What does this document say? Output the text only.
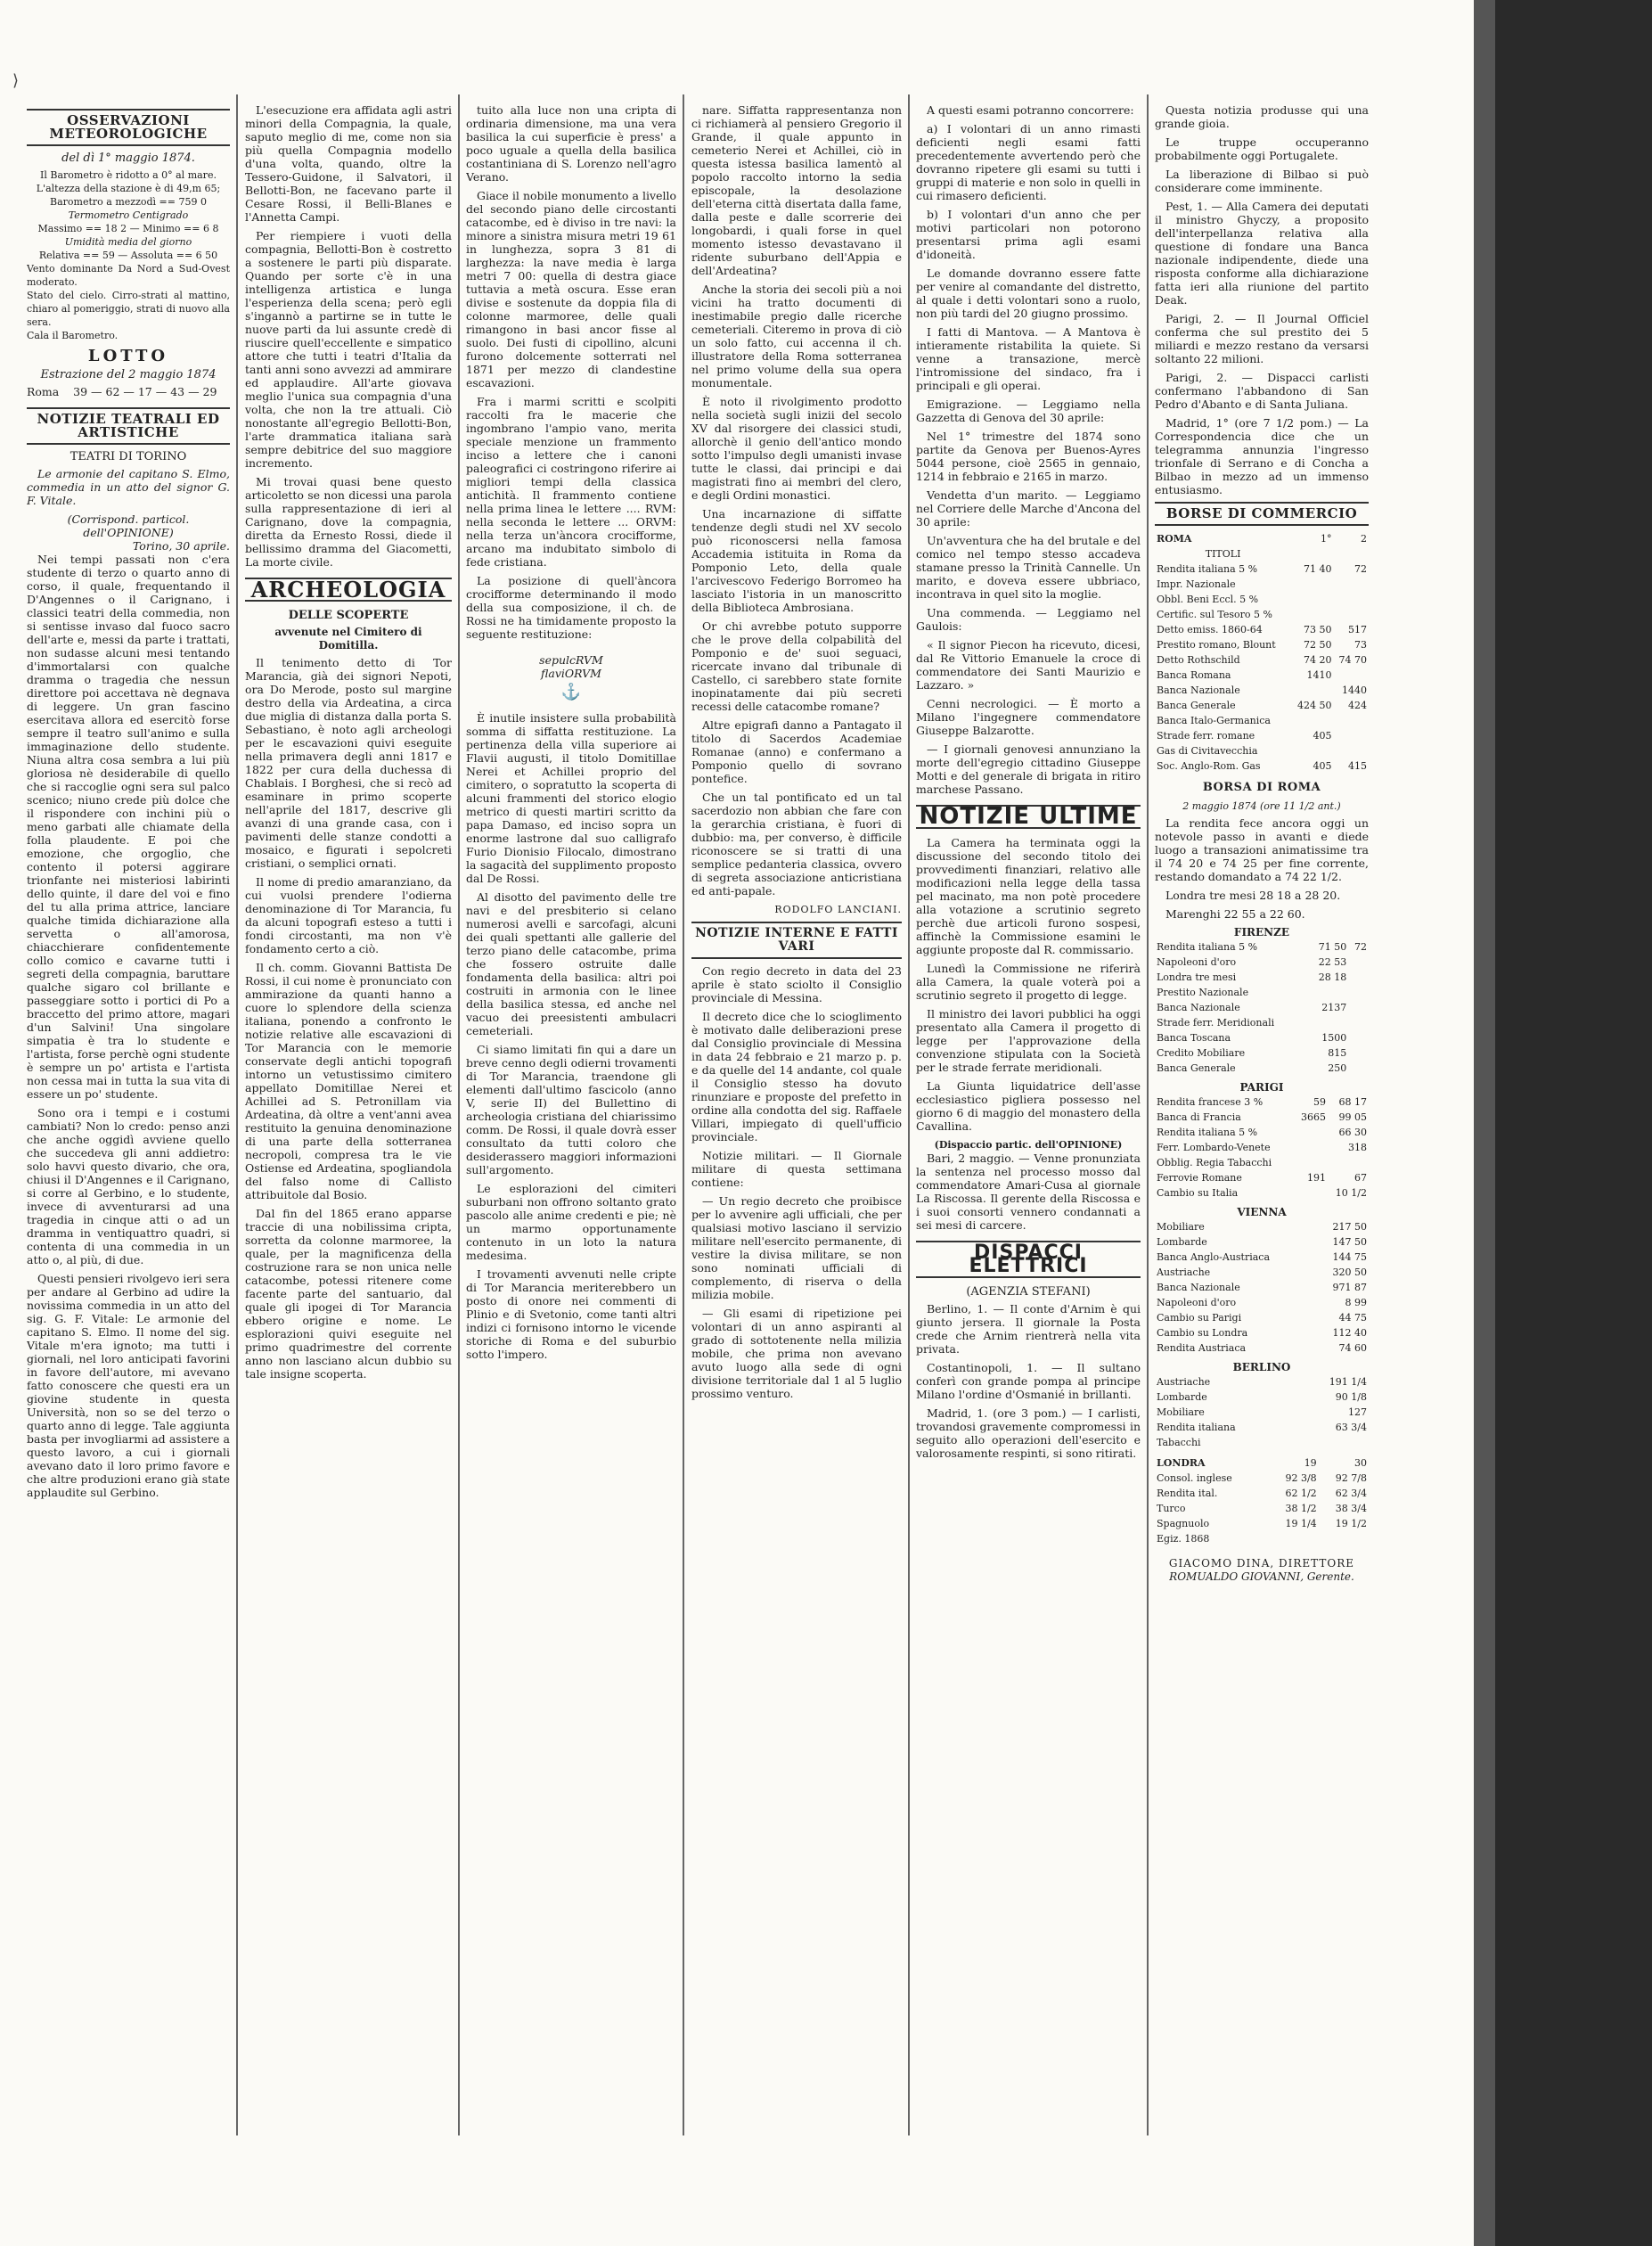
⟩
OSSERVAZIONI METEOROLOGICHE
del dì 1° maggio 1874.
Il Barometro è ridotto a 0° al mare. L'altezza della stazione è di 49,m 65;
Barometro a mezzodì == 759 0
Termometro Centigrado
Massimo == 18 2 — Minimo == 6 8
Umidità media del giorno
Relativa == 59 — Assoluta == 6 50
Vento dominante Da Nord a Sud-Ovest moderato.
Stato del cielo. Cirro-strati al mattino, chiaro al pomeriggio, strati di nuovo alla sera.
Cala il Barometro.
LOTTO
Estrazione del 2 maggio 1874
Roma    39 — 62 — 17 — 43 — 29
NOTIZIE TEATRALI ED ARTISTICHE
TEATRI DI TORINO
Le armonie del capitano S. Elmo, commedia in un atto del signor G. F. Vitale.
(Corrispond. particol. dell'OPINIONE)
Torino, 30 aprile.
Nei tempi passati non c'era studente di terzo o quarto anno di corso, il quale, frequentando il D'Angennes o il Carignano, i classici teatri della commedia, non si sentisse invaso dal fuoco sacro dell'arte e, messi da parte i trattati, non sudasse alcuni mesi tentando d'immortalarsi con qualche dramma o tragedia che nessun direttore poi accettava nè degnava di leggere. Un gran fascino esercitava allora ed esercitò forse sempre il teatro sull'animo e sulla immaginazione dello studente. Niuna altra cosa sembra a lui più gloriosa nè desiderabile di quello che si raccoglie ogni sera sul palco scenico; niuno crede più dolce che il rispondere con inchini più o meno garbati alle chiamate della folla plaudente. E poi che emozione, che orgoglio, che contento il potersi aggirare trionfante nei misteriosi labirinti dello quinte, il dare del voi e fino del tu alla prima attrice, lanciare qualche timida dichiarazione alla servetta o all'amorosa, chiacchierare confidentemente collo comico e cavarne tutti i segreti della compagnia, baruttare qualche sigaro col brillante e passeggiare sotto i portici di Po a braccetto del primo attore, magari d'un Salvini! Una singolare simpatia è tra lo studente e l'artista, forse perchè ogni studente è sempre un po' artista e l'artista non cessa mai in tutta la sua vita di essere un po' studente.
Sono ora i tempi e i costumi cambiati? Non lo credo: penso anzi che anche oggidì avviene quello che succedeva gli anni addietro: solo havvi questo divario, che ora, chiusi il D'Angennes e il Carignano, si corre al Gerbino, e lo studente, invece di avventurarsi ad una tragedia in cinque atti o ad un dramma in ventiquattro quadri, si contenta di una commedia in un atto o, al più, di due.
Questi pensieri rivolgevo ieri sera per andare al Gerbino ad udire la novissima commedia in un atto del sig. G. F. Vitale: Le armonie del capitano S. Elmo. Il nome del sig. Vitale m'era ignoto; ma tutti i giornali, nel loro anticipati favorini in favore dell'autore, mi avevano fatto conoscere che questi era un giovine studente in questa Università, non so se del terzo o quarto anno di legge. Tale aggiunta basta per invogliarmi ad assistere a questo lavoro, a cui i giornali avevano dato il loro primo favore e che altre produzioni erano già state applaudite sul Gerbino.
L'esecuzione era affidata agli astri minori della Compagnia, la quale, saputo meglio di me, come non sia più quella Compagnia modello d'una volta, quando, oltre la Tessero-Guidone, il Salvatori, il Bellotti-Bon, ne facevano parte il Cesare Rossi, il Belli-Blanes e l'Annetta Campi.
Per riempiere i vuoti della compagnia, Bellotti-Bon è costretto a sostenere le parti più disparate. Quando per sorte c'è in una intelligenza artistica e lunga l'esperienza della scena; però egli s'ingannò a partirne se in tutte le nuove parti da lui assunte credè di riuscire quell'eccellente e simpatico attore che tutti i teatri d'Italia da tanti anni sono avvezzi ad ammirare ed applaudire. All'arte giovava meglio l'unica sua compagnia d'una volta, che non la tre attuali. Ciò nonostante all'egregio Bellotti-Bon, l'arte drammatica italiana sarà sempre debitrice del suo maggiore incremento.
Mi trovai quasi bene questo articoletto se non dicessi una parola sulla rappresentazione di ieri al Carignano, dove la compagnia, diretta da Ernesto Rossi, diede il bellissimo dramma del Giacometti, La morte civile.
ARCHEOLOGIA
DELLE SCOPERTE
avvenute nel Cimitero di Domitilla.
Il tenimento detto di Tor Marancia, già dei signori Nepoti, ora Do Merode, posto sul margine destro della via Ardeatina, a circa due miglia di distanza dalla porta S. Sebastiano, è noto agli archeologi per le escavazioni quivi eseguite nella primavera degli anni 1817 e 1822 per cura della duchessa di Chablais. I Borghesi, che si recò ad esaminare in primo scoperte nell'aprile del 1817, descrive gli avanzi di una grande casa, con i pavimenti delle stanze condotti a mosaico, e figurati i sepolcreti cristiani, o semplici ornati.
Il nome di predio amaranziano, da cui vuolsi prendere l'odierna denominazione di Tor Marancia, fu da alcuni topografi esteso a tutti i fondi circostanti, ma non v'è fondamento certo a ciò.
Il ch. comm. Giovanni Battista De Rossi, il cui nome è pronunciato con ammirazione da quanti hanno a cuore lo splendore della scienza italiana, ponendo a confronto le notizie relative alle escavazioni di Tor Marancia con le memorie conservate degli antichi topografi intorno un vetustissimo cimitero appellato Domitillae Nerei et Achillei ad S. Petronillam via Ardeatina, dà oltre a vent'anni avea restituito la genuina denominazione di una parte della sotterranea necropoli, compresa tra le vie Ostiense ed Ardeatina, spogliandola del falso nome di Callisto attribuitole dal Bosio.
Dal fin del 1865 erano apparse traccie di una nobilissima cripta, sorretta da colonne marmoree, la quale, per la magnificenza della costruzione rara se non unica nelle catacombe, potessi ritenere come facente parte del santuario, dal quale gli ipogei di Tor Marancia ebbero origine e nome. Le esplorazioni quivi eseguite nel primo quadrimestre del corrente anno non lasciano alcun dubbio su tale insigne scoperta.
tuito alla luce non una cripta di ordinaria dimensione, ma una vera basilica la cui superficie è press' a poco uguale a quella della basilica costantiniana di S. Lorenzo nell'agro Verano.
Giace il nobile monumento a livello del secondo piano delle circostanti catacombe, ed è diviso in tre navi: la minore a sinistra misura metri 19 61 in lunghezza, sopra 3 81 di larghezza: la nave media è larga metri 7 00: quella di destra giace tuttavia a metà oscura. Esse eran divise e sostenute da doppia fila di colonne marmoree, delle quali rimangono in basi ancor fisse al suolo. Dei fusti di cipollino, alcuni furono dolcemente sotterrati nel 1871 per mezzo di clandestine escavazioni.
Fra i marmi scritti e scolpiti raccolti fra le macerie che ingombrano l'ampio vano, merita speciale menzione un frammento inciso a lettere che i canoni paleografici ci costringono riferire ai migliori tempi della classica antichità. Il frammento contiene nella prima linea le lettere .... RVM: nella seconda le lettere ... ORVM: nella terza un'àncora crocifforme, arcano ma indubitato simbolo di fede cristiana.
La posizione di quell'àncora crocifforme determinando il modo della sua composizione, il ch. de Rossi ne ha timidamente proposto la seguente restituzione:
sepulcRVM
flaviORVM
⚓
È inutile insistere sulla probabilità somma di siffatta restituzione. La pertinenza della villa superiore ai Flavii augusti, il titolo Domitillae Nerei et Achillei proprio del cimitero, o sopratutto la scoperta di alcuni frammenti del storico elogio metrico di questi martiri scritto da papa Damaso, ed inciso sopra un enorme lastrone dal suo calligrafo Furio Dionisio Filocalo, dimostrano la sagacità del supplimento proposto dal De Rossi.
Al disotto del pavimento delle tre navi e del presbiterio si celano numerosi avelli e sarcofagi, alcuni dei quali spettanti alle gallerie del terzo piano delle catacombe, prima che fossero ostruite dalle fondamenta della basilica: altri poi costruiti in armonia con le linee della basilica stessa, ed anche nel vacuo dei preesistenti ambulacri cemeteriali.
Ci siamo limitati fin qui a dare un breve cenno degli odierni trovamenti di Tor Marancia, traendone gli elementi dall'ultimo fascicolo (anno V, serie II) del Bullettino di archeologia cristiana del chiarissimo comm. De Rossi, il quale dovrà esser consultato da tutti coloro che desiderassero maggiori informazioni sull'argomento.
Le esplorazioni del cimiteri suburbani non offrono soltanto grato pascolo alle anime credenti e pie; nè un marmo opportunamente contenuto in un loto la natura medesima.
I trovamenti avvenuti nelle cripte di Tor Marancia meriterebbero un posto di onore nei commenti di Plinio e di Svetonio, come tanti altri indizi ci fornisono intorno le vicende storiche di Roma e del suburbio sotto l'impero.
nare. Siffatta rappresentanza non ci richiamerà al pensiero Gregorio il Grande, il quale appunto in cemeterio Nerei et Achillei, ciò in questa istessa basilica lamentò al popolo raccolto intorno la sedia episcopale, la desolazione dell'eterna città disertata dalla fame, dalla peste e dalle scorrerie dei longobardi, i quali forse in quel momento istesso devastavano il ridente suburbano dell'Appia e dell'Ardeatina?
Anche la storia dei secoli più a noi vicini ha tratto documenti di inestimabile pregio dalle ricerche cemeteriali. Citeremo in prova di ciò un solo fatto, cui accenna il ch. illustratore della Roma sotterranea nel primo volume della sua opera monumentale.
È noto il rivolgimento prodotto nella società sugli inizii del secolo XV dal risorgere dei classici studi, allorchè il genio dell'antico mondo sotto l'impulso degli umanisti invase tutte le classi, dai principi e dai magistrati fino ai membri del clero, e degli Ordini monastici.
Una incarnazione di siffatte tendenze degli studi nel XV secolo può riconoscersi nella famosa Accademia istituita in Roma da Pomponio Leto, della quale l'arcivescovo Federigo Borromeo ha lasciato l'istoria in un manoscritto della Biblioteca Ambrosiana.
Or chi avrebbe potuto supporre che le prove della colpabilità del Pomponio e de' suoi seguaci, ricercate invano dal tribunale di Castello, ci sarebbero state fornite inopinatamente dai più secreti recessi delle catacombe romane?
Altre epigrafi danno a Pantagato il titolo di Sacerdos Academiae Romanae (anno) e confermano a Pomponio quello di sovrano pontefice.
Che un tal pontificato ed un tal sacerdozio non abbian che fare con la gerarchia cristiana, è fuori di dubbio: ma, per converso, è difficile riconoscere se si tratti di una semplice pedanteria classica, ovvero di segreta associazione anticristiana ed anti-papale.
RODOLFO LANCIANI.
NOTIZIE INTERNE E FATTI VARI
Con regio decreto in data del 23 aprile è stato sciolto il Consiglio provinciale di Messina.
Il decreto dice che lo scioglimento è motivato dalle deliberazioni prese dal Consiglio provinciale di Messina in data 24 febbraio e 21 marzo p. p. e da quelle del 14 andante, col quale il Consiglio stesso ha dovuto rinunziare e proposte del prefetto in ordine alla condotta del sig. Raffaele Villari, impiegato di quell'ufficio provinciale.
Notizie militari. — Il Giornale militare di questa settimana contiene:
— Un regio decreto che proibisce per lo avvenire agli ufficiali, che per qualsiasi motivo lasciano il servizio militare nell'esercito permanente, di vestire la divisa militare, se non sono nominati ufficiali di complemento, di riserva o della milizia mobile.
— Gli esami di ripetizione pei volontari di un anno aspiranti al grado di sottotenente nella milizia mobile, che prima non avevano avuto luogo alla sede di ogni divisione territoriale dal 1 al 5 luglio prossimo venturo.
A questi esami potranno concorrere:
a) I volontari di un anno rimasti deficienti negli esami fatti precedentemente avvertendo però che dovranno ripetere gli esami su tutti i gruppi di materie e non solo in quelli in cui rimasero deficienti.
b) I volontari d'un anno che per motivi particolari non potorono presentarsi prima agli esami d'idoneità.
Le domande dovranno essere fatte per venire al comandante del distretto, al quale i detti volontari sono a ruolo, non più tardi del 20 giugno prossimo.
I fatti di Mantova. — A Mantova è intieramente ristabilita la quiete. Si venne a transazione, mercè l'intromissione del sindaco, fra i principali e gli operai.
Emigrazione. — Leggiamo nella Gazzetta di Genova del 30 aprile:
Nel 1° trimestre del 1874 sono partite da Genova per Buenos-Ayres 5044 persone, cioè 2565 in gennaio, 1214 in febbraio e 2165 in marzo.
Vendetta d'un marito. — Leggiamo nel Corriere delle Marche d'Ancona del 30 aprile:
Un'avventura che ha del brutale e del comico nel tempo stesso accadeva stamane presso la Trinità Cannelle. Un marito, e doveva essere ubbriaco, incontrava in quel sito la moglie.
Una commenda. — Leggiamo nel Gaulois:
« Il signor Piecon ha ricevuto, dicesi, dal Re Vittorio Emanuele la croce di commendatore dei Santi Maurizio e Lazzaro. »
Cenni necrologici. — È morto a Milano l'ingegnere commendatore Giuseppe Balzarotte.
— I giornali genovesi annunziano la morte dell'egregio cittadino Giuseppe Motti e del generale di brigata in ritiro marchese Passano.
NOTIZIE ULTIME
La Camera ha terminata oggi la discussione del secondo titolo dei provvedimenti finanziari, relativo alle modificazioni nella legge della tassa pel macinato, ma non potè procedere alla votazione a scrutinio segreto perchè due articoli furono sospesi, affinchè la Commissione esamini le aggiunte proposte dal R. commissario.
Lunedì la Commissione ne riferirà alla Camera, la quale voterà poi a scrutinio segreto il progetto di legge.
Il ministro dei lavori pubblici ha oggi presentato alla Camera il progetto di legge per l'approvazione della convenzione stipulata con la Società per le strade ferrate meridionali.
La Giunta liquidatrice dell'asse ecclesiastico pigliera possesso nel giorno 6 di maggio del monastero della Cavallina.
(Dispaccio partic. dell'OPINIONE)
Bari, 2 maggio. — Venne pronunziata la sentenza nel processo mosso dal commendatore Amari-Cusa al giornale La Riscossa. Il gerente della Riscossa e i suoi consorti vennero condannati a sei mesi di carcere.
DISPACCI ELETTRICI
(AGENZIA STEFANI)
Berlino, 1. — Il conte d'Arnim è qui giunto jersera. Il giornale la Posta crede che Arnim rientrerà nella vita privata.
Costantinopoli, 1. — Il sultano conferì con grande pompa al principe Milano l'ordine d'Osmanié in brillanti.
Madrid, 1. (ore 3 pom.) — I carlisti, trovandosi gravemente compromessi in seguito allo operazioni dell'esercito e valorosamente respinti, si sono ritirati.
Questa notizia produsse qui una grande gioia.
Le truppe occuperanno probabilmente oggi Portugalete.
La liberazione di Bilbao si può considerare come imminente.
Pest, 1. — Alla Camera dei deputati il ministro Ghyczy, a proposito dell'interpellanza relativa alla questione di fondare una Banca nazionale indipendente, diede una risposta conforme alla dichiarazione fatta ieri alla riunione del partito Deak.
Parigi, 2. — Il Journal Officiel conferma che sul prestito dei 5 miliardi e mezzo restano da versarsi soltanto 22 milioni.
Parigi, 2. — Dispacci carlisti confermano l'abbandono di San Pedro d'Abanto e di Santa Juliana.
Madrid, 1° (ore 7 1/2 pom.) — La Correspondencia dice che un telegramma annunzia l'ingresso trionfale di Serrano e di Concha a Bilbao in mezzo ad un immenso entusiasmo.
BORSE DI COMMERCIO
ROMA	1°	2
TITOLI		
Rendita italiana 5 %	71 40	72
Impr. Nazionale		
Obbl. Beni Eccl. 5 %		
Certific. sul Tesoro 5 %		
Detto emiss. 1860-64	73 50	517
Prestito romano, Blount	72 50	73
Detto Rothschild	74 20	74 70
Banca Romana	1410	
Banca Nazionale		1440
Banca Generale	424 50	424
Banca Italo-Germanica		
Strade ferr. romane	405	
Gas di Civitavecchia		
Soc. Anglo-Rom. Gas	405	415
BORSA DI ROMA
2 maggio 1874 (ore 11 1/2 ant.)
La rendita fece ancora oggi un notevole passo in avanti e diede luogo a transazioni animatissime tra il 74 20 e 74 25 per fine corrente, restando domandato a 74 22 1/2.
Londra tre mesi 28 18 a 28 20.
Marenghi 22 55 a 22 60.
FIRENZE
Rendita italiana 5 %	71 50	72
Napoleoni d'oro	22 53	
Londra tre mesi	28 18	
Prestito Nazionale		
Banca Nazionale	2137	
Strade ferr. Meridionali		
Banca Toscana	1500	
Credito Mobiliare	815	
Banca Generale	250	
PARIGI
Rendita francese 3 %	59	68 17
Banca di Francia	3665	99 05
Rendita italiana 5 %		66 30
Ferr. Lombardo-Venete		318
Obblig. Regia Tabacchi		
Ferrovie Romane	191	67
Cambio su Italia		10 1/2
VIENNA
Mobiliare		217 50
Lombarde		147 50
Banca Anglo-Austriaca		144 75
Austriache		320 50
Banca Nazionale		971 87
Napoleoni d'oro		8 99
Cambio su Parigi		44 75
Cambio su Londra		112 40
Rendita Austriaca		74 60
BERLINO
Austriache		191 1/4
Lombarde		90 1/8
Mobiliare		127
Rendita italiana		63 3/4
Tabacchi		
LONDRA	19	30
Consol. inglese	92 3/8	92 7/8
Rendita ital.	62 1/2	62 3/4
Turco	38 1/2	38 3/4
Spagnuolo	19 1/4	19 1/2
Egiz. 1868		
GIACOMO DINA, DIRETTORE
ROMUALDO GIOVANNI, Gerente.
